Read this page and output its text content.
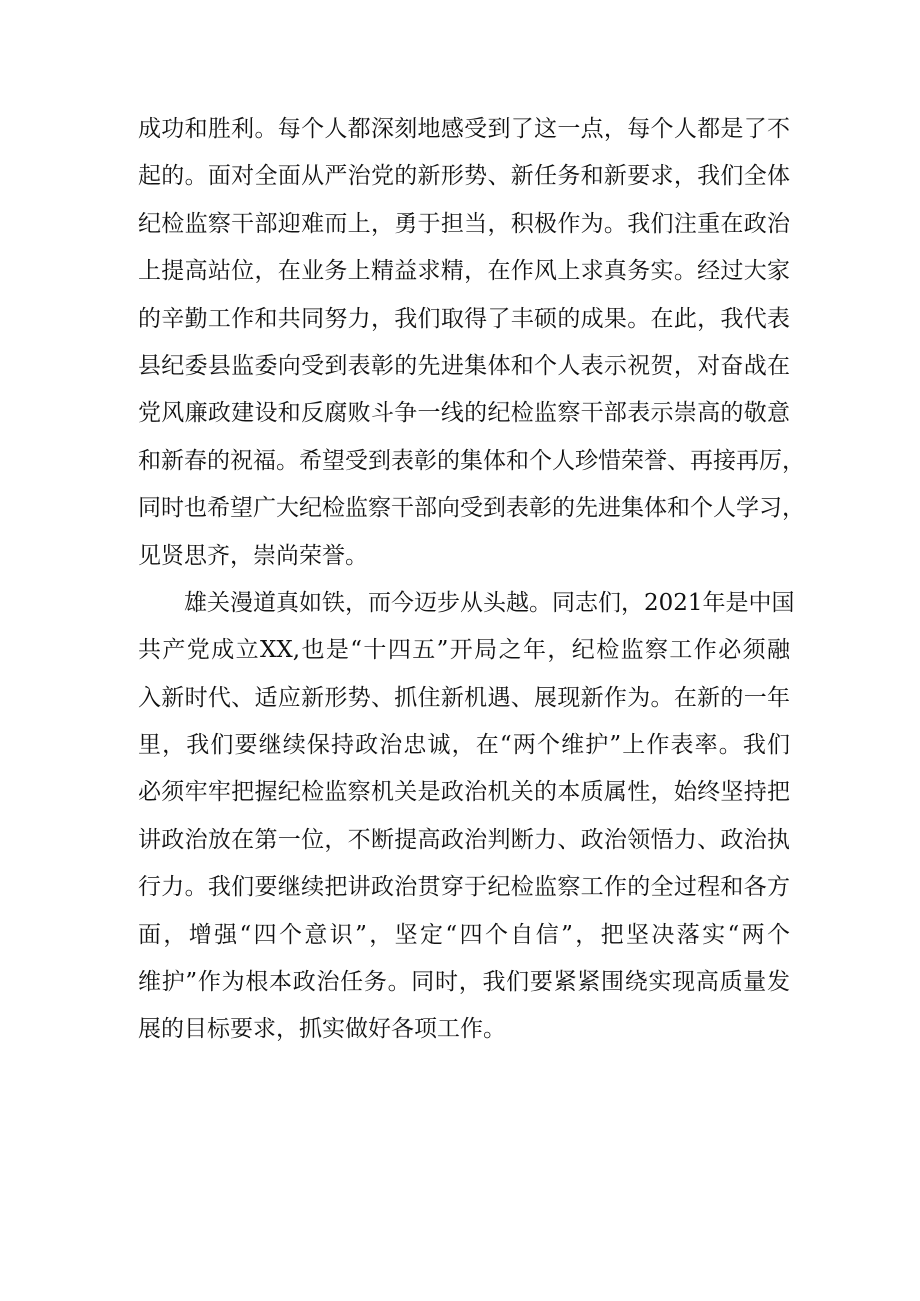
成功和胜利。每个人都深刻地感受到了这一点，每个人都是了不
起的。面对全面从严治党的新形势、新任务和新要求，我们全体
纪检监察干部迎难而上，勇于担当，积极作为。我们注重在政治
上提高站位，在业务上精益求精，在作风上求真务实。经过大家
的辛勤工作和共同努力，我们取得了丰硕的成果。在此，我代表
县纪委县监委向受到表彰的先进集体和个人表示祝贺，对奋战在
党风廉政建设和反腐败斗争一线的纪检监察干部表示崇高的敬意
和新春的祝福。希望受到表彰的集体和个人珍惜荣誉、再接再厉，
同时也希望广大纪检监察干部向受到表彰的先进集体和个人学习，
见贤思齐，崇尚荣誉。
雄关漫道真如铁，而今迈步从头越。同志们，2021年是中国
共产党成立XX,也是“十四五”开局之年，纪检监察工作必须融
入新时代、适应新形势、抓住新机遇、展现新作为。在新的一年
里，我们要继续保持政治忠诚，在“两个维护”上作表率。我们
必须牢牢把握纪检监察机关是政治机关的本质属性，始终坚持把
讲政治放在第一位，不断提高政治判断力、政治领悟力、政治执
行力。我们要继续把讲政治贯穿于纪检监察工作的全过程和各方
面，增强“四个意识”，坚定“四个自信”，把坚决落实“两个
维护”作为根本政治任务。同时，我们要紧紧围绕实现高质量发
展的目标要求，抓实做好各项工作。
